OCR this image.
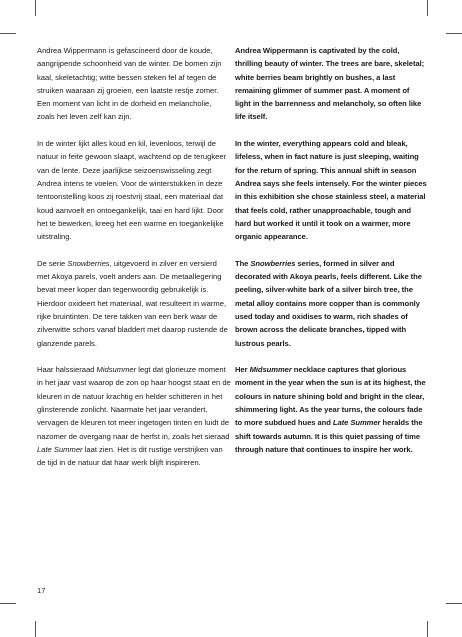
Andrea Wippermann is gefascineerd door de koude, aangrijpende schoonheid van de winter. De bomen zijn kaal, skeletachtig; witte bessen steken fel af tegen de struiken waaraan zij groeien, een laatste restje zomer. Een moment van licht in de dorheid en melancholie, zoals het leven zelf kan zijn.

In de winter lijkt alles koud en kil, levenloos, terwijl de natuur in feite gewoon slaapt, wachtend op de terugkeer van de lente. Deze jaarlijkse seizoenswisseling zegt Andrea intens te voelen. Voor de winterstukken in deze tentoonstelling koos zij roestvrij staal, een materiaal dat koud aanvoelt en ontoegankelijk, taai en hard lijkt. Door het te bewerken, kreeg het een warme en toegankelijke uitstraling.

De serie Snowberries, uitgevoerd in zilver en versierd met Akoya parels, voelt anders aan. De metaallegering bevat meer koper dan tegenwoordig gebruikelijk is. Hierdoor oxideert het materiaal, wat resulteert in warme, rijke bruintinten. De tere takken van een berk waar de zilverwitte schors vanaf bladdert met daarop rustende de glanzende parels.

Haar halssieraad Midsummer legt dat glorieuze moment in het jaar vast waarop de zon op haar hoogst staat en de kleuren in de natuur krachtig en helder schitteren in het glinsterende zonlicht. Naarmate het jaar verandert, vervagen de kleuren tot meer ingetogen tinten en luidt de nazomer de overgang naar de herfst in, zoals het sieraad Late Summer laat zien. Het is dit rustige verstrijken van de tijd in de natuur dat haar werk blijft inspireren.

Andrea Wippermann is captivated by the cold, thrilling beauty of winter. The trees are bare, skeletal; white berries beam brightly on bushes, a last remaining glimmer of summer past. A moment of light in the barrenness and melancholy, so often like life itself.

In the winter, everything appears cold and bleak, lifeless, when in fact nature is just sleeping, waiting for the return of spring. This annual shift in season Andrea says she feels intensely. For the winter pieces in this exhibition she chose stainless steel, a material that feels cold, rather unapproachable, tough and hard but worked it until it took on a warmer, more organic appearance.

The Snowberries series, formed in silver and decorated with Akoya pearls, feels different. Like the peeling, silver-white bark of a silver birch tree, the metal alloy contains more copper than is commonly used today and oxidises to warm, rich shades of brown across the delicate branches, tipped with lustrous pearls.

Her Midsummer necklace captures that glorious moment in the year when the sun is at its highest, the colours in nature shining bold and bright in the clear, shimmering light. As the year turns, the colours fade to more subdued hues and Late Summer heralds the shift towards autumn. It is this quiet passing of time through nature that continues to inspire her work.

17
